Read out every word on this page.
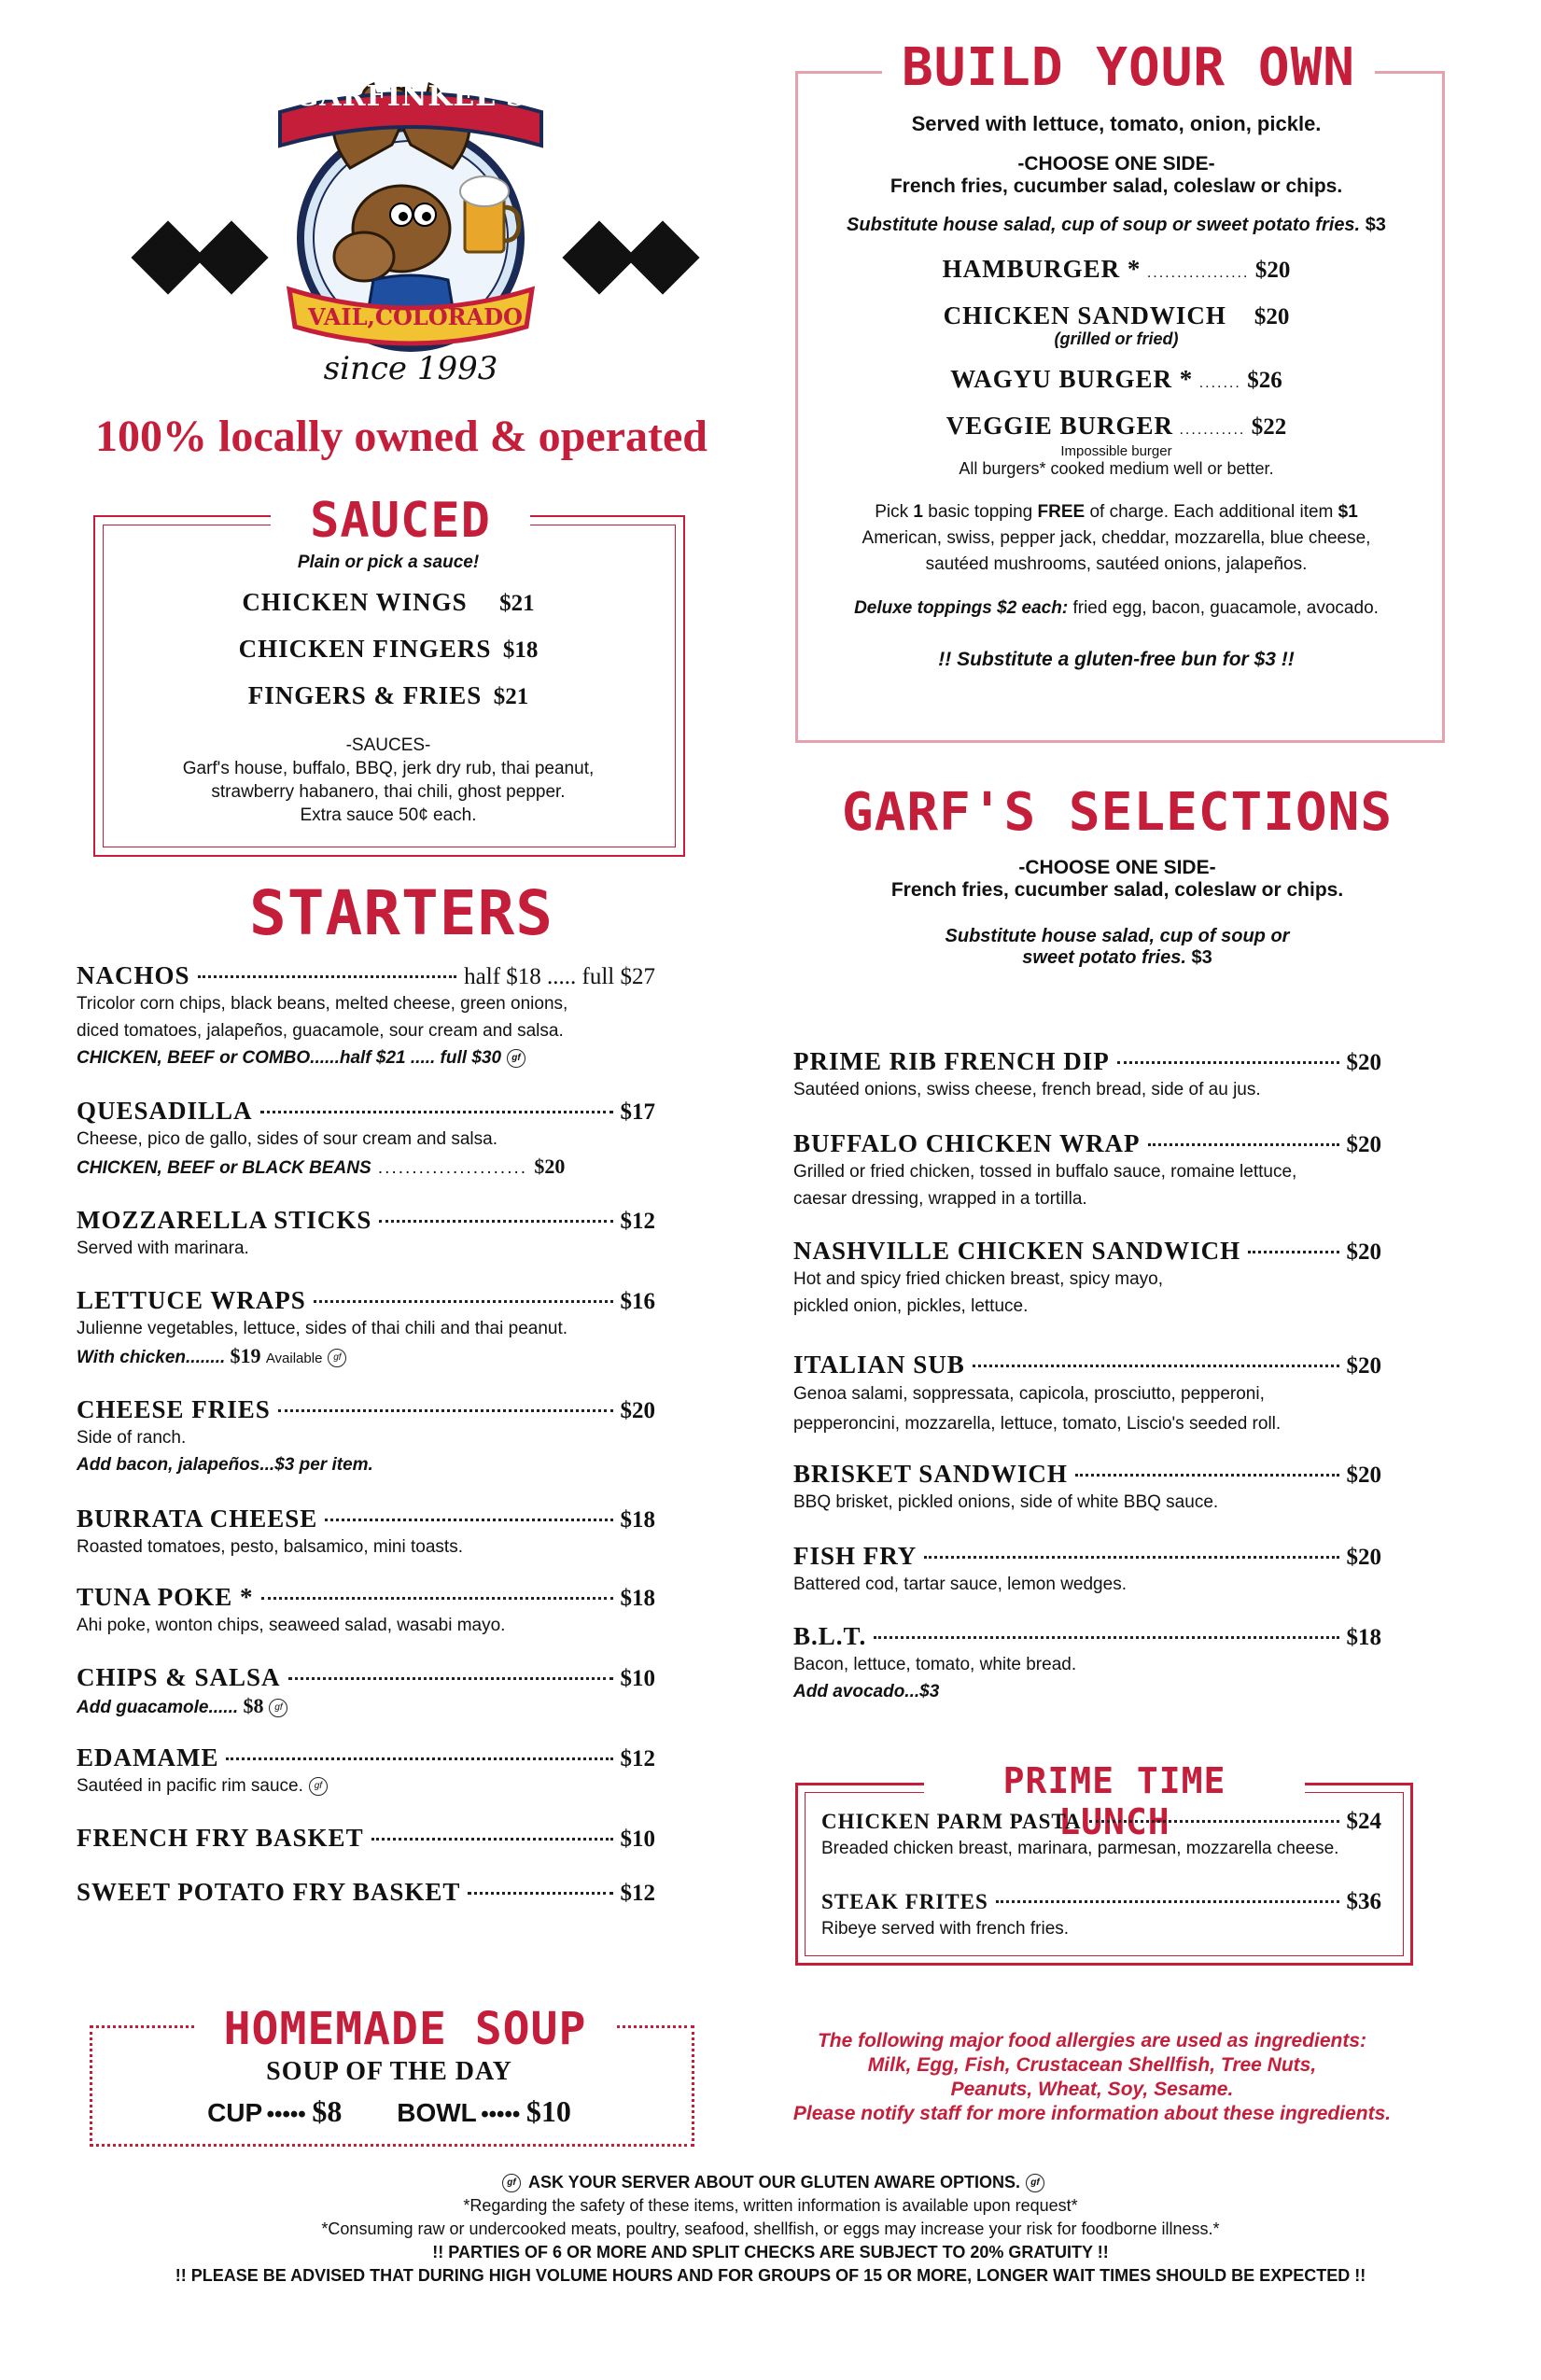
GARFINKEL'S
VAIL,COLORADO
since 1993
100% locally owned & operated
SAUCED
Plain or pick a sauce!
CHICKEN WINGS $21
CHICKEN FINGERS $18
FINGERS & FRIES $21
-SAUCES-
Garf's house, buffalo, BBQ, jerk dry rub, thai peanut,
strawberry habanero, thai chili, ghost pepper.
Extra sauce 50¢ each.
STARTERS
NACHOS	half $18 ..... full $27
Tricolor corn chips, black beans, melted cheese, green onions,
diced tomatoes, jalapeños, guacamole, sour cream and salsa.
CHICKEN, BEEF or COMBO......half $21 ..... full $30 gf
QUESADILLA	$17
Cheese, pico de gallo, sides of sour cream and salsa.
CHICKEN, BEEF or BLACK BEANS ...................... $20
MOZZARELLA STICKS	$12
Served with marinara.
LETTUCE WRAPS	$16
Julienne vegetables, lettuce, sides of thai chili and thai peanut.
With chicken........ $19 Available gf
CHEESE FRIES	$20
Side of ranch.
Add bacon, jalapeños...$3 per item.
BURRATA CHEESE	$18
Roasted tomatoes, pesto, balsamico, mini toasts.
TUNA POKE *	$18
Ahi poke, wonton chips, seaweed salad, wasabi mayo.
CHIPS & SALSA	$10
Add guacamole...... $8 gf
EDAMAME	$12
Sautéed in pacific rim sauce. gf
FRENCH FRY BASKET	$10
SWEET POTATO FRY BASKET	$12
HOMEMADE SOUP
SOUP OF THE DAY
CUP ••••• $8 BOWL ••••• $10
BUILD YOUR OWN
Served with lettuce, tomato, onion, pickle.
-CHOOSE ONE SIDE-
French fries, cucumber salad, coleslaw or chips.
Substitute house salad, cup of soup or sweet potato fries. $3
HAMBURGER * ................. $20
CHICKEN SANDWICH $20
(grilled or fried)
WAGYU BURGER * ....... $26
VEGGIE BURGER ........... $22
Impossible burger
All burgers* cooked medium well or better.
Pick 1 basic topping FREE of charge. Each additional item $1
American, swiss, pepper jack, cheddar, mozzarella, blue cheese,
sautéed mushrooms, sautéed onions, jalapeños.
Deluxe toppings $2 each: fried egg, bacon, guacamole, avocado.
!! Substitute a gluten-free bun for $3 !!
GARF'S SELECTIONS
-CHOOSE ONE SIDE-
French fries, cucumber salad, coleslaw or chips.
Substitute house salad, cup of soup or
sweet potato fries. $3
PRIME RIB FRENCH DIP	$20
Sautéed onions, swiss cheese, french bread, side of au jus.
BUFFALO CHICKEN WRAP	$20
Grilled or fried chicken, tossed in buffalo sauce, romaine lettuce,
caesar dressing, wrapped in a tortilla.
NASHVILLE CHICKEN SANDWICH	$20
Hot and spicy fried chicken breast, spicy mayo,
pickled onion, pickles, lettuce.
ITALIAN SUB	$20
Genoa salami, soppressata, capicola, prosciutto, pepperoni,
pepperoncini, mozzarella, lettuce, tomato, Liscio's seeded roll.
BRISKET SANDWICH	$20
BBQ brisket, pickled onions, side of white BBQ sauce.
FISH FRY	$20
Battered cod, tartar sauce, lemon wedges.
B.L.T.	$18
Bacon, lettuce, tomato, white bread.
Add avocado...$3
PRIME TIME LUNCH
CHICKEN PARM PASTA	$24
Breaded chicken breast, marinara, parmesan, mozzarella cheese.
STEAK FRITES	$36
Ribeye served with french fries.
The following major food allergies are used as ingredients:
Milk, Egg, Fish, Crustacean Shellfish, Tree Nuts,
Peanuts, Wheat, Soy, Sesame.
Please notify staff for more information about these ingredients.
gf ASK YOUR SERVER ABOUT OUR GLUTEN AWARE OPTIONS. gf
*Regarding the safety of these items, written information is available upon request*
*Consuming raw or undercooked meats, poultry, seafood, shellfish, or eggs may increase your risk for foodborne illness.*
!! PARTIES OF 6 OR MORE AND SPLIT CHECKS ARE SUBJECT TO 20% GRATUITY !!
!! PLEASE BE ADVISED THAT DURING HIGH VOLUME HOURS AND FOR GROUPS OF 15 OR MORE, LONGER WAIT TIMES SHOULD BE EXPECTED !!
